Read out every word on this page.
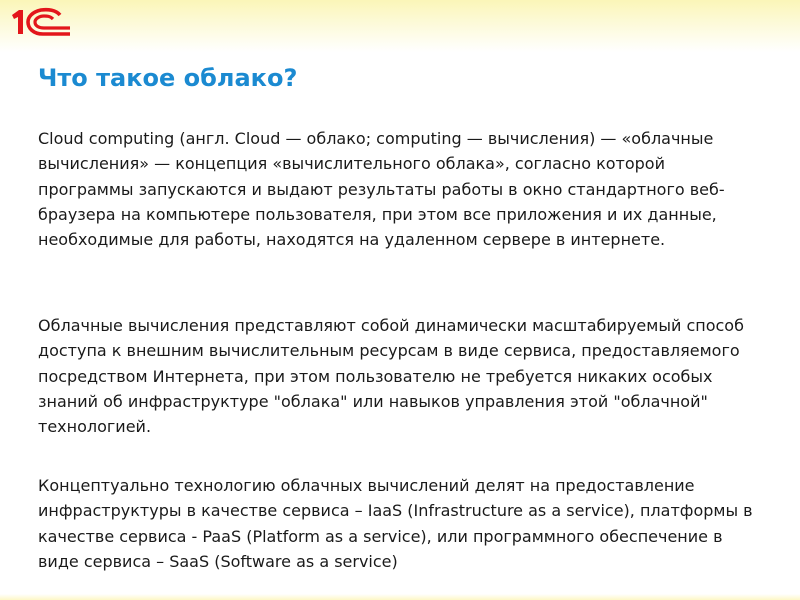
1С
Что такое облако?

Cloud computing (англ. Cloud — облако; computing — вычисления) — «облачные вычисления» — концепция «вычислительного облака», согласно которой программы запускаются и выдают результаты работы в окно стандартного веб-браузера на компьютере пользователя, при этом все приложения и их данные, необходимые для работы, находятся на удаленном сервере в интернете.

Облачные вычисления представляют собой динамически масштабируемый способ доступа к внешним вычислительным ресурсам в виде сервиса, предоставляемого посредством Интернета, при этом пользователю не требуется никаких особых знаний об инфраструктуре "облака" или навыков управления этой "облачной" технологией.

Концептуально технологию облачных вычислений делят на предоставление инфраструктуры в качестве сервиса – IaaS (Infrastructure as a service), платформы в качестве сервиса - PaaS (Platform as a service), или программного обеспечение в виде сервиса – SaaS (Software as a service)
